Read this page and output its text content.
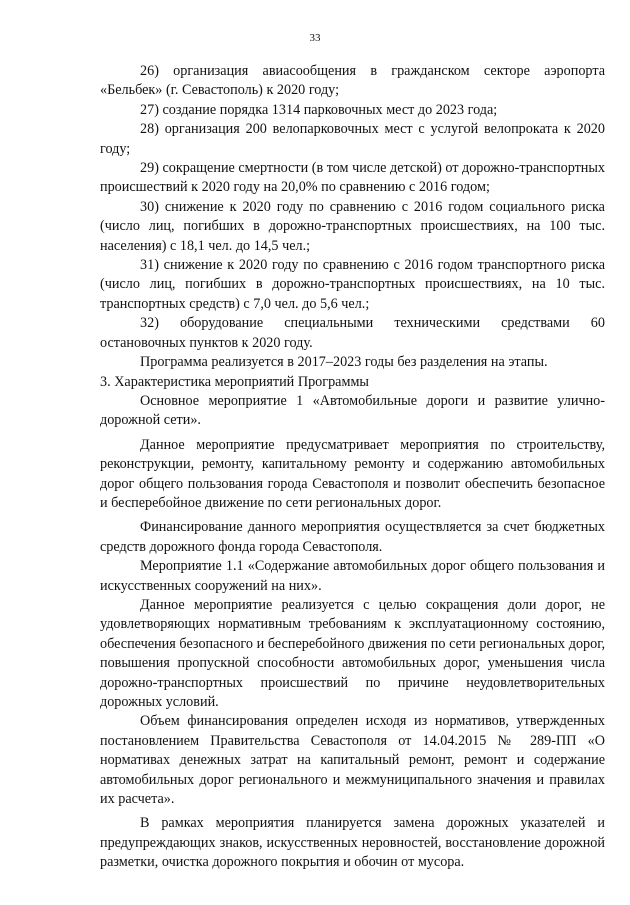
33

26) организация авиасообщения в гражданском секторе аэропорта «Бельбек» (г. Севастополь) к 2020 году;

27) создание порядка 1314 парковочных мест до 2023 года;

28) организация 200 велопарковочных мест с услугой велопроката к 2020 году;

29) сокращение смертности (в том числе детской) от дорожно-транспортных происшествий к 2020 году на 20,0% по сравнению с 2016 годом;

30) снижение к 2020 году по сравнению с 2016 годом социального риска (число лиц, погибших в дорожно-транспортных происшествиях, на 100 тыс. населения) с 18,1 чел. до 14,5 чел.;

31) снижение к 2020 году по сравнению с 2016 годом транспортного риска (число лиц, погибших в дорожно-транспортных происшествиях, на 10 тыс. транспортных средств) с 7,0 чел. до 5,6 чел.;

32) оборудование специальными техническими средствами 60 остановочных пунктов к 2020 году.

Программа реализуется в 2017–2023 годы без разделения на этапы.

3. Характеристика мероприятий Программы

Основное мероприятие 1 «Автомобильные дороги и развитие улично-дорожной сети».

Данное мероприятие предусматривает мероприятия по строительству, реконструкции, ремонту, капитальному ремонту и содержанию автомобильных дорог общего пользования города Севастополя и позволит обеспечить безопасное и бесперебойное движение по сети региональных дорог.

Финансирование данного мероприятия осуществляется за счет бюджетных средств дорожного фонда города Севастополя.

Мероприятие 1.1 «Содержание автомобильных дорог общего пользования и искусственных сооружений на них».

Данное мероприятие реализуется с целью сокращения доли дорог, не удовлетворяющих нормативным требованиям к эксплуатационному состоянию, обеспечения безопасного и бесперебойного движения по сети региональных дорог, повышения пропускной способности автомобильных дорог, уменьшения числа дорожно-транспортных происшествий по причине неудовлетворительных дорожных условий.

Объем финансирования определен исходя из нормативов, утвержденных постановлением Правительства Севастополя от 14.04.2015 № 289-ПП «О нормативах денежных затрат на капитальный ремонт, ремонт и содержание автомобильных дорог регионального и межмуниципального значения и правилах их расчета».

В рамках мероприятия планируется замена дорожных указателей и предупреждающих знаков, искусственных неровностей, восстановление дорожной разметки, очистка дорожного покрытия и обочин от мусора.
